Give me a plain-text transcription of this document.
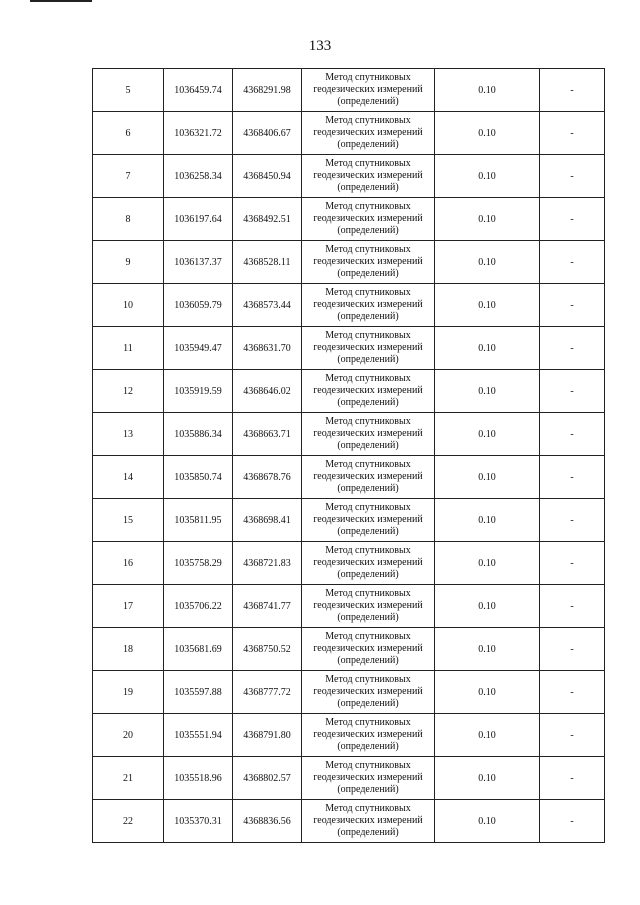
133
5	1036459.74	4368291.98	Метод спутниковых
геодезических измерений
(определений)	0.10	-
6	1036321.72	4368406.67	Метод спутниковых
геодезических измерений
(определений)	0.10	-
7	1036258.34	4368450.94	Метод спутниковых
геодезических измерений
(определений)	0.10	-
8	1036197.64	4368492.51	Метод спутниковых
геодезических измерений
(определений)	0.10	-
9	1036137.37	4368528.11	Метод спутниковых
геодезических измерений
(определений)	0.10	-
10	1036059.79	4368573.44	Метод спутниковых
геодезических измерений
(определений)	0.10	-
11	1035949.47	4368631.70	Метод спутниковых
геодезических измерений
(определений)	0.10	-
12	1035919.59	4368646.02	Метод спутниковых
геодезических измерений
(определений)	0.10	-
13	1035886.34	4368663.71	Метод спутниковых
геодезических измерений
(определений)	0.10	-
14	1035850.74	4368678.76	Метод спутниковых
геодезических измерений
(определений)	0.10	-
15	1035811.95	4368698.41	Метод спутниковых
геодезических измерений
(определений)	0.10	-
16	1035758.29	4368721.83	Метод спутниковых
геодезических измерений
(определений)	0.10	-
17	1035706.22	4368741.77	Метод спутниковых
геодезических измерений
(определений)	0.10	-
18	1035681.69	4368750.52	Метод спутниковых
геодезических измерений
(определений)	0.10	-
19	1035597.88	4368777.72	Метод спутниковых
геодезических измерений
(определений)	0.10	-
20	1035551.94	4368791.80	Метод спутниковых
геодезических измерений
(определений)	0.10	-
21	1035518.96	4368802.57	Метод спутниковых
геодезических измерений
(определений)	0.10	-
22	1035370.31	4368836.56	Метод спутниковых
геодезических измерений
(определений)	0.10	-
